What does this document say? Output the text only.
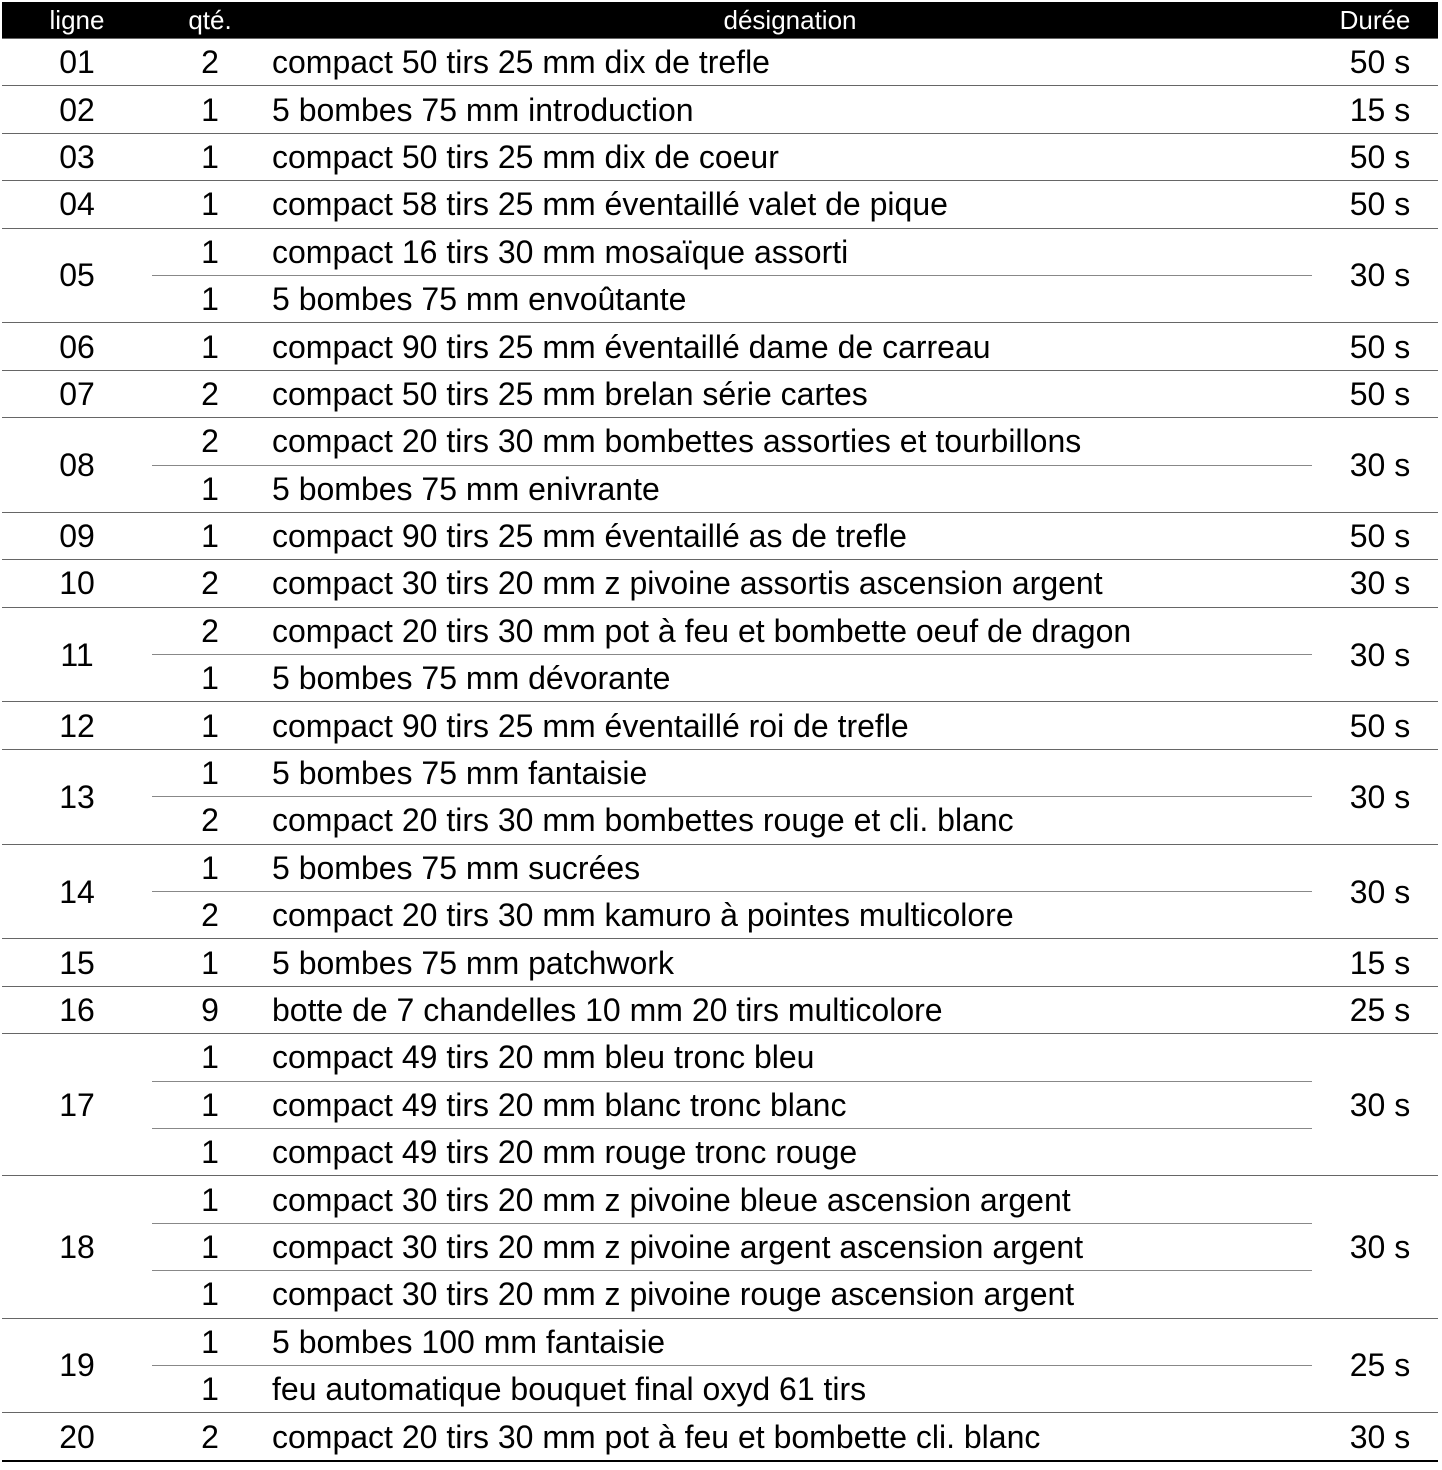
ligne	qté.	désignation	Durée
01	2	compact 50 tirs 25 mm dix de trefle	50 s
02	1	5 bombes 75 mm introduction	15 s
03	1	compact 50 tirs 25 mm dix de coeur	50 s
04	1	compact 58 tirs 25 mm éventaillé valet de pique	50 s
05	1	compact 16 tirs 30 mm mosaïque assorti	30 s
	1	5 bombes 75 mm envoûtante	
06	1	compact 90 tirs 25 mm éventaillé dame de carreau	50 s
07	2	compact 50 tirs 25 mm brelan série cartes	50 s
08	2	compact 20 tirs 30 mm bombettes assorties et tourbillons	30 s
	1	5 bombes 75 mm enivrante	
09	1	compact 90 tirs 25 mm éventaillé as de trefle	50 s
10	2	compact 30 tirs 20 mm z pivoine assortis ascension argent	30 s
11	2	compact 20 tirs 30 mm pot à feu et bombette oeuf de dragon	30 s
	1	5 bombes 75 mm dévorante	
12	1	compact 90 tirs 25 mm éventaillé roi de trefle	50 s
13	1	5 bombes 75 mm fantaisie	30 s
	2	compact 20 tirs 30 mm bombettes rouge et cli. blanc	
14	1	5 bombes 75 mm sucrées	30 s
	2	compact 20 tirs 30 mm kamuro à pointes multicolore	
15	1	5 bombes 75 mm patchwork	15 s
16	9	botte de 7 chandelles 10 mm 20 tirs multicolore	25 s
17	1	compact 49 tirs 20 mm bleu tronc bleu	30 s
	1	compact 49 tirs 20 mm blanc tronc blanc	
	1	compact 49 tirs 20 mm rouge tronc rouge	
18	1	compact 30 tirs 20 mm z pivoine bleue ascension argent	30 s
	1	compact 30 tirs 20 mm z pivoine argent ascension argent	
	1	compact 30 tirs 20 mm z pivoine rouge ascension argent	
19	1	5 bombes 100 mm fantaisie	25 s
	1	feu automatique bouquet final oxyd 61 tirs	
20	2	compact 20 tirs 30 mm pot à feu et bombette cli. blanc	30 s
